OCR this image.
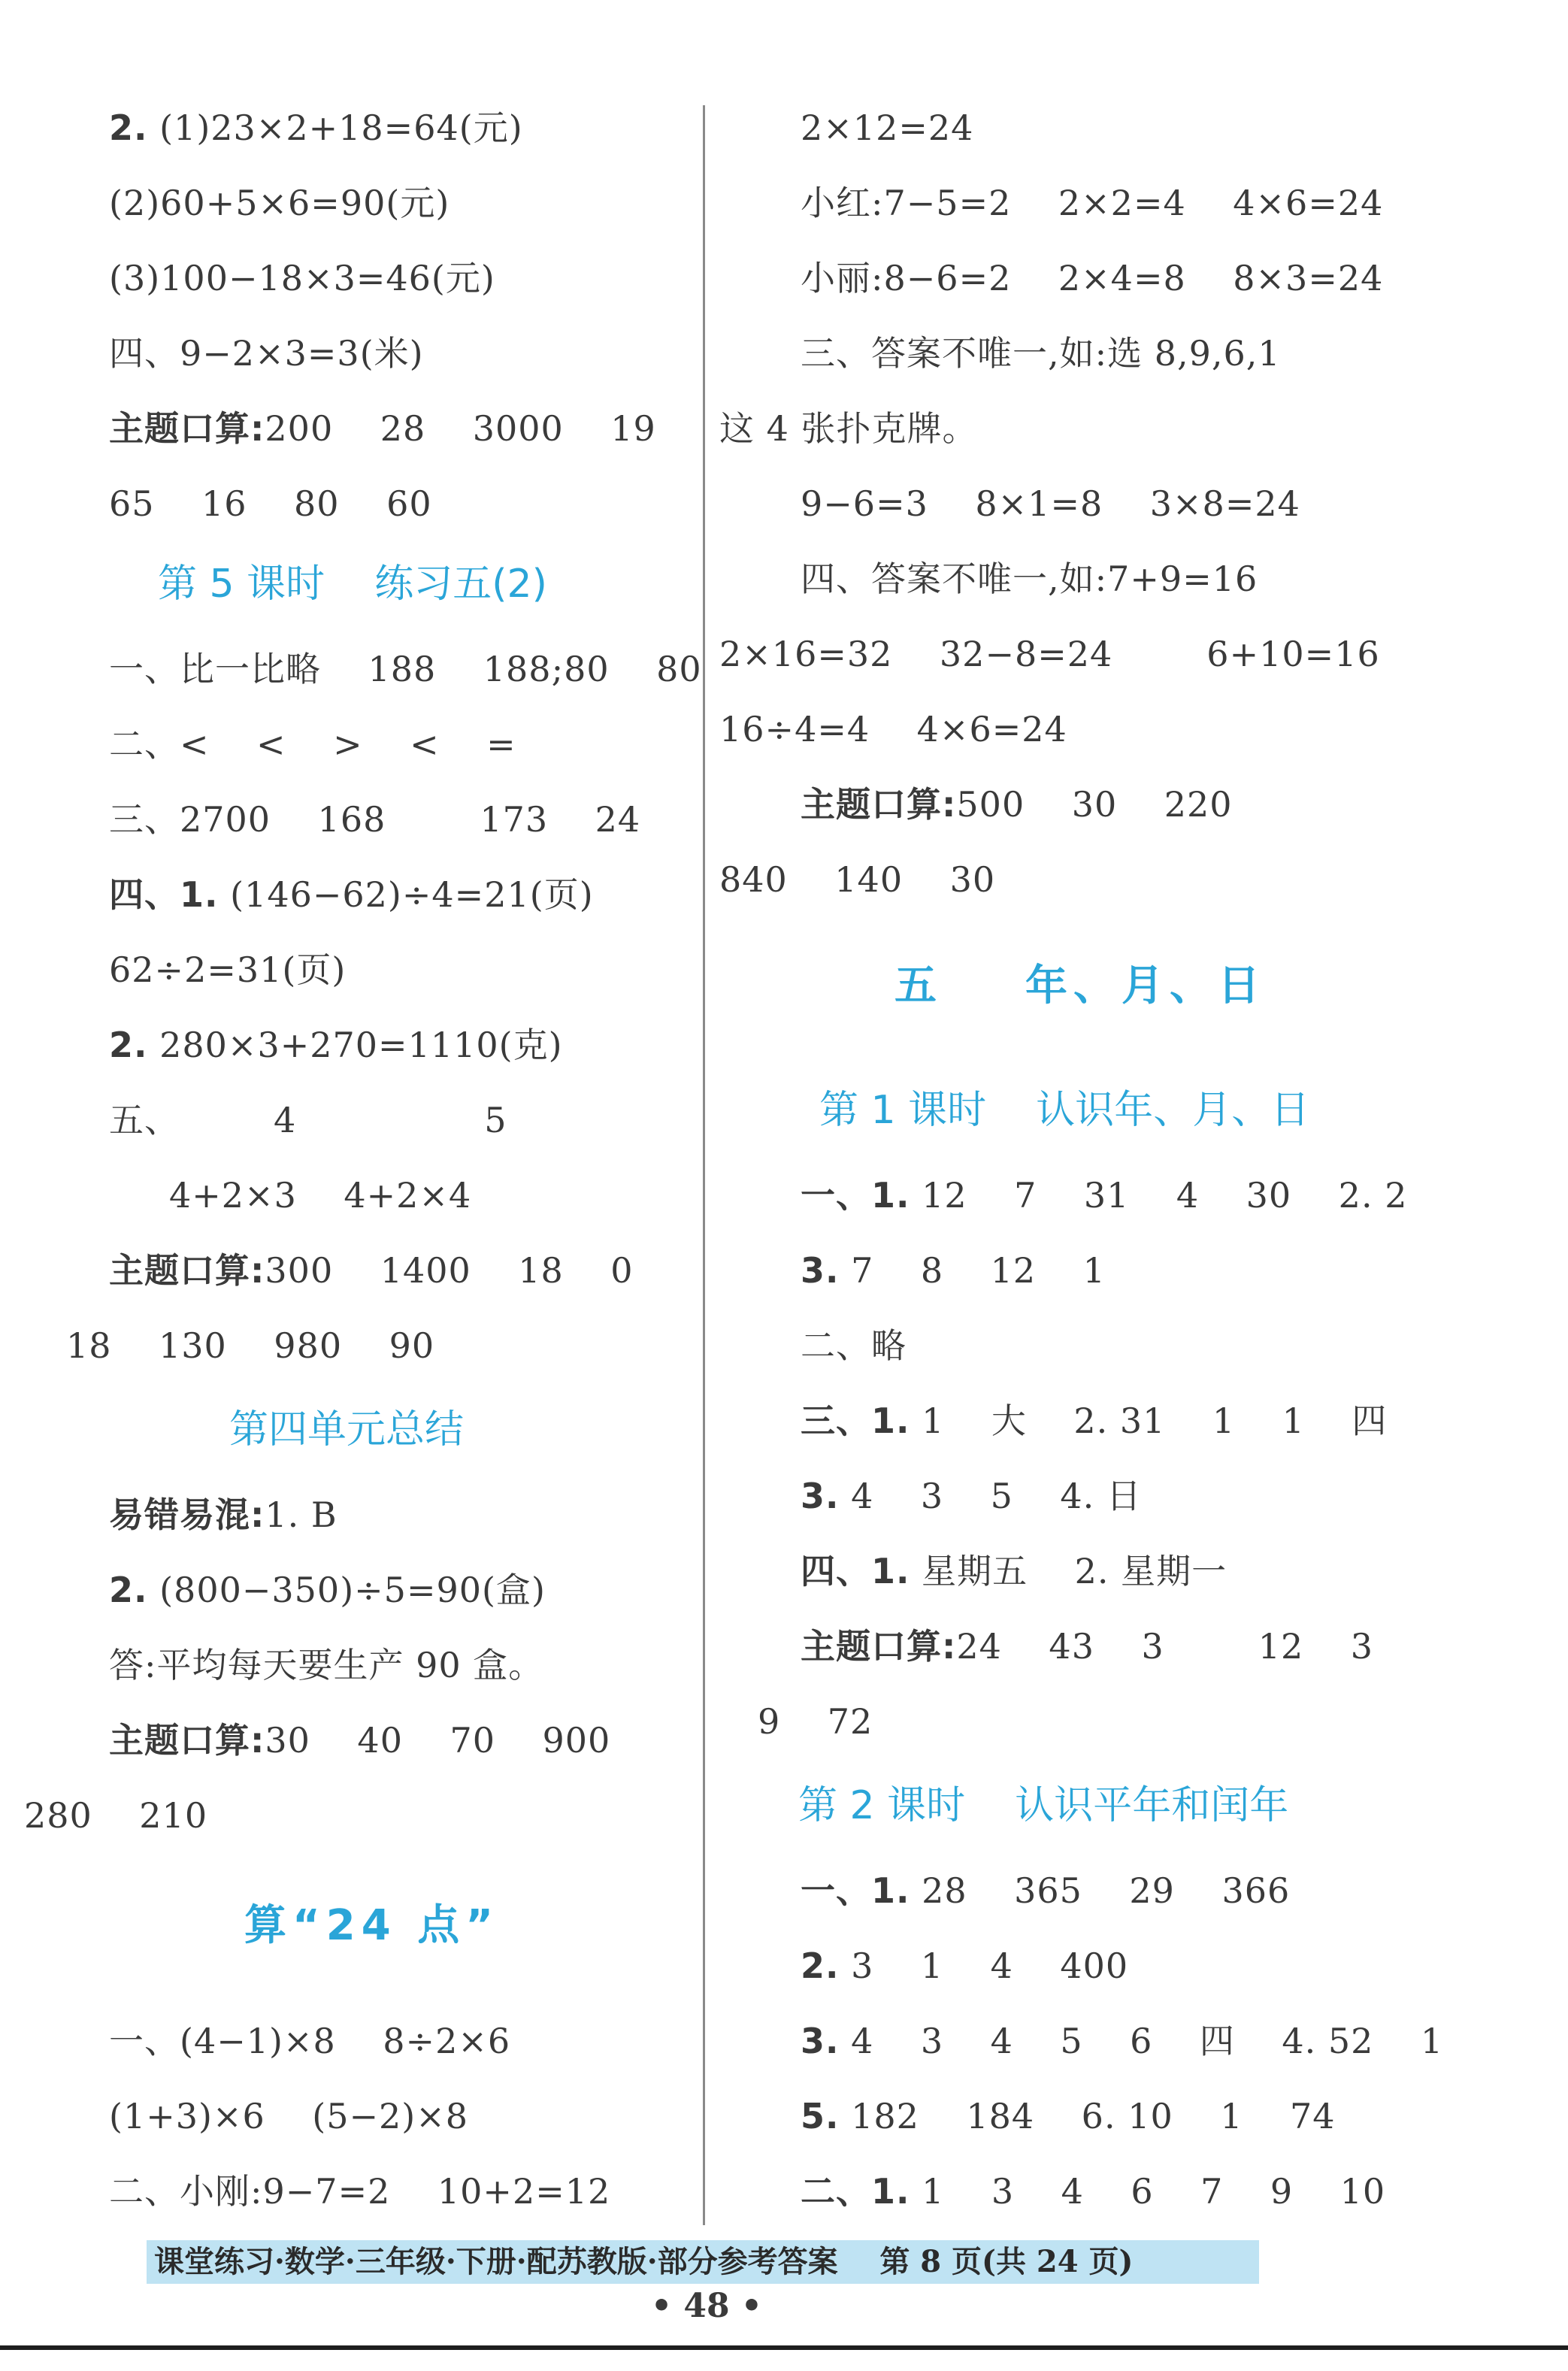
2. (1)23×2+18=64(元)
(2)60+5×6=90(元)
(3)100−18×3=46(元)
四、9−2×3=3(米)
主题口算:200    28    3000    19
65    16    80    60
第 5 课时    练习五(2)
一、比一比略    188    188;80    80
二、<    <    >    <    =
三、2700    168        173    24
四、1. (146−62)÷4=21(页)
62÷2=31(页)
2. 280×3+270=1110(克)
五、        4                5
4+2×3    4+2×4
主题口算:300    1400    18    0
18    130    980    90
第四单元总结
易错易混:1. B
2. (800−350)÷5=90(盒)
答:平均每天要生产 90 盒。
主题口算:30    40    70    900
280    210
算“24 点”
一、(4−1)×8    8÷2×6
(1+3)×6    (5−2)×8
二、小刚:9−7=2    10+2=12
2×12=24
小红:7−5=2    2×2=4    4×6=24
小丽:8−6=2    2×4=8    8×3=24
三、答案不唯一,如:选 8,9,6,1
这 4 张扑克牌。
9−6=3    8×1=8    3×8=24
四、答案不唯一,如:7+9=16
2×16=32    32−8=24        6+10=16
16÷4=4    4×6=24
主题口算:500    30    220
840    140    30
五    年、月、日
第 1 课时    认识年、月、日
一、1. 12    7    31    4    30    2. 2
3. 7    8    12    1
二、略
三、1. 1    大    2. 31    1    1    四
3. 4    3    5    4. 日
四、1. 星期五    2. 星期一
主题口算:24    43    3        12    3
9    72
第 2 课时    认识平年和闰年
一、1. 28    365    29    366
2. 3    1    4    400
3. 4    3    4    5    6    四    4. 52    1
5. 182    184    6. 10    1    74
二、1. 1    3    4    6    7    9    10
课堂练习·数学·三年级·下册·配苏教版·部分参考答案    第 8 页(共 24 页)
• 48 •
